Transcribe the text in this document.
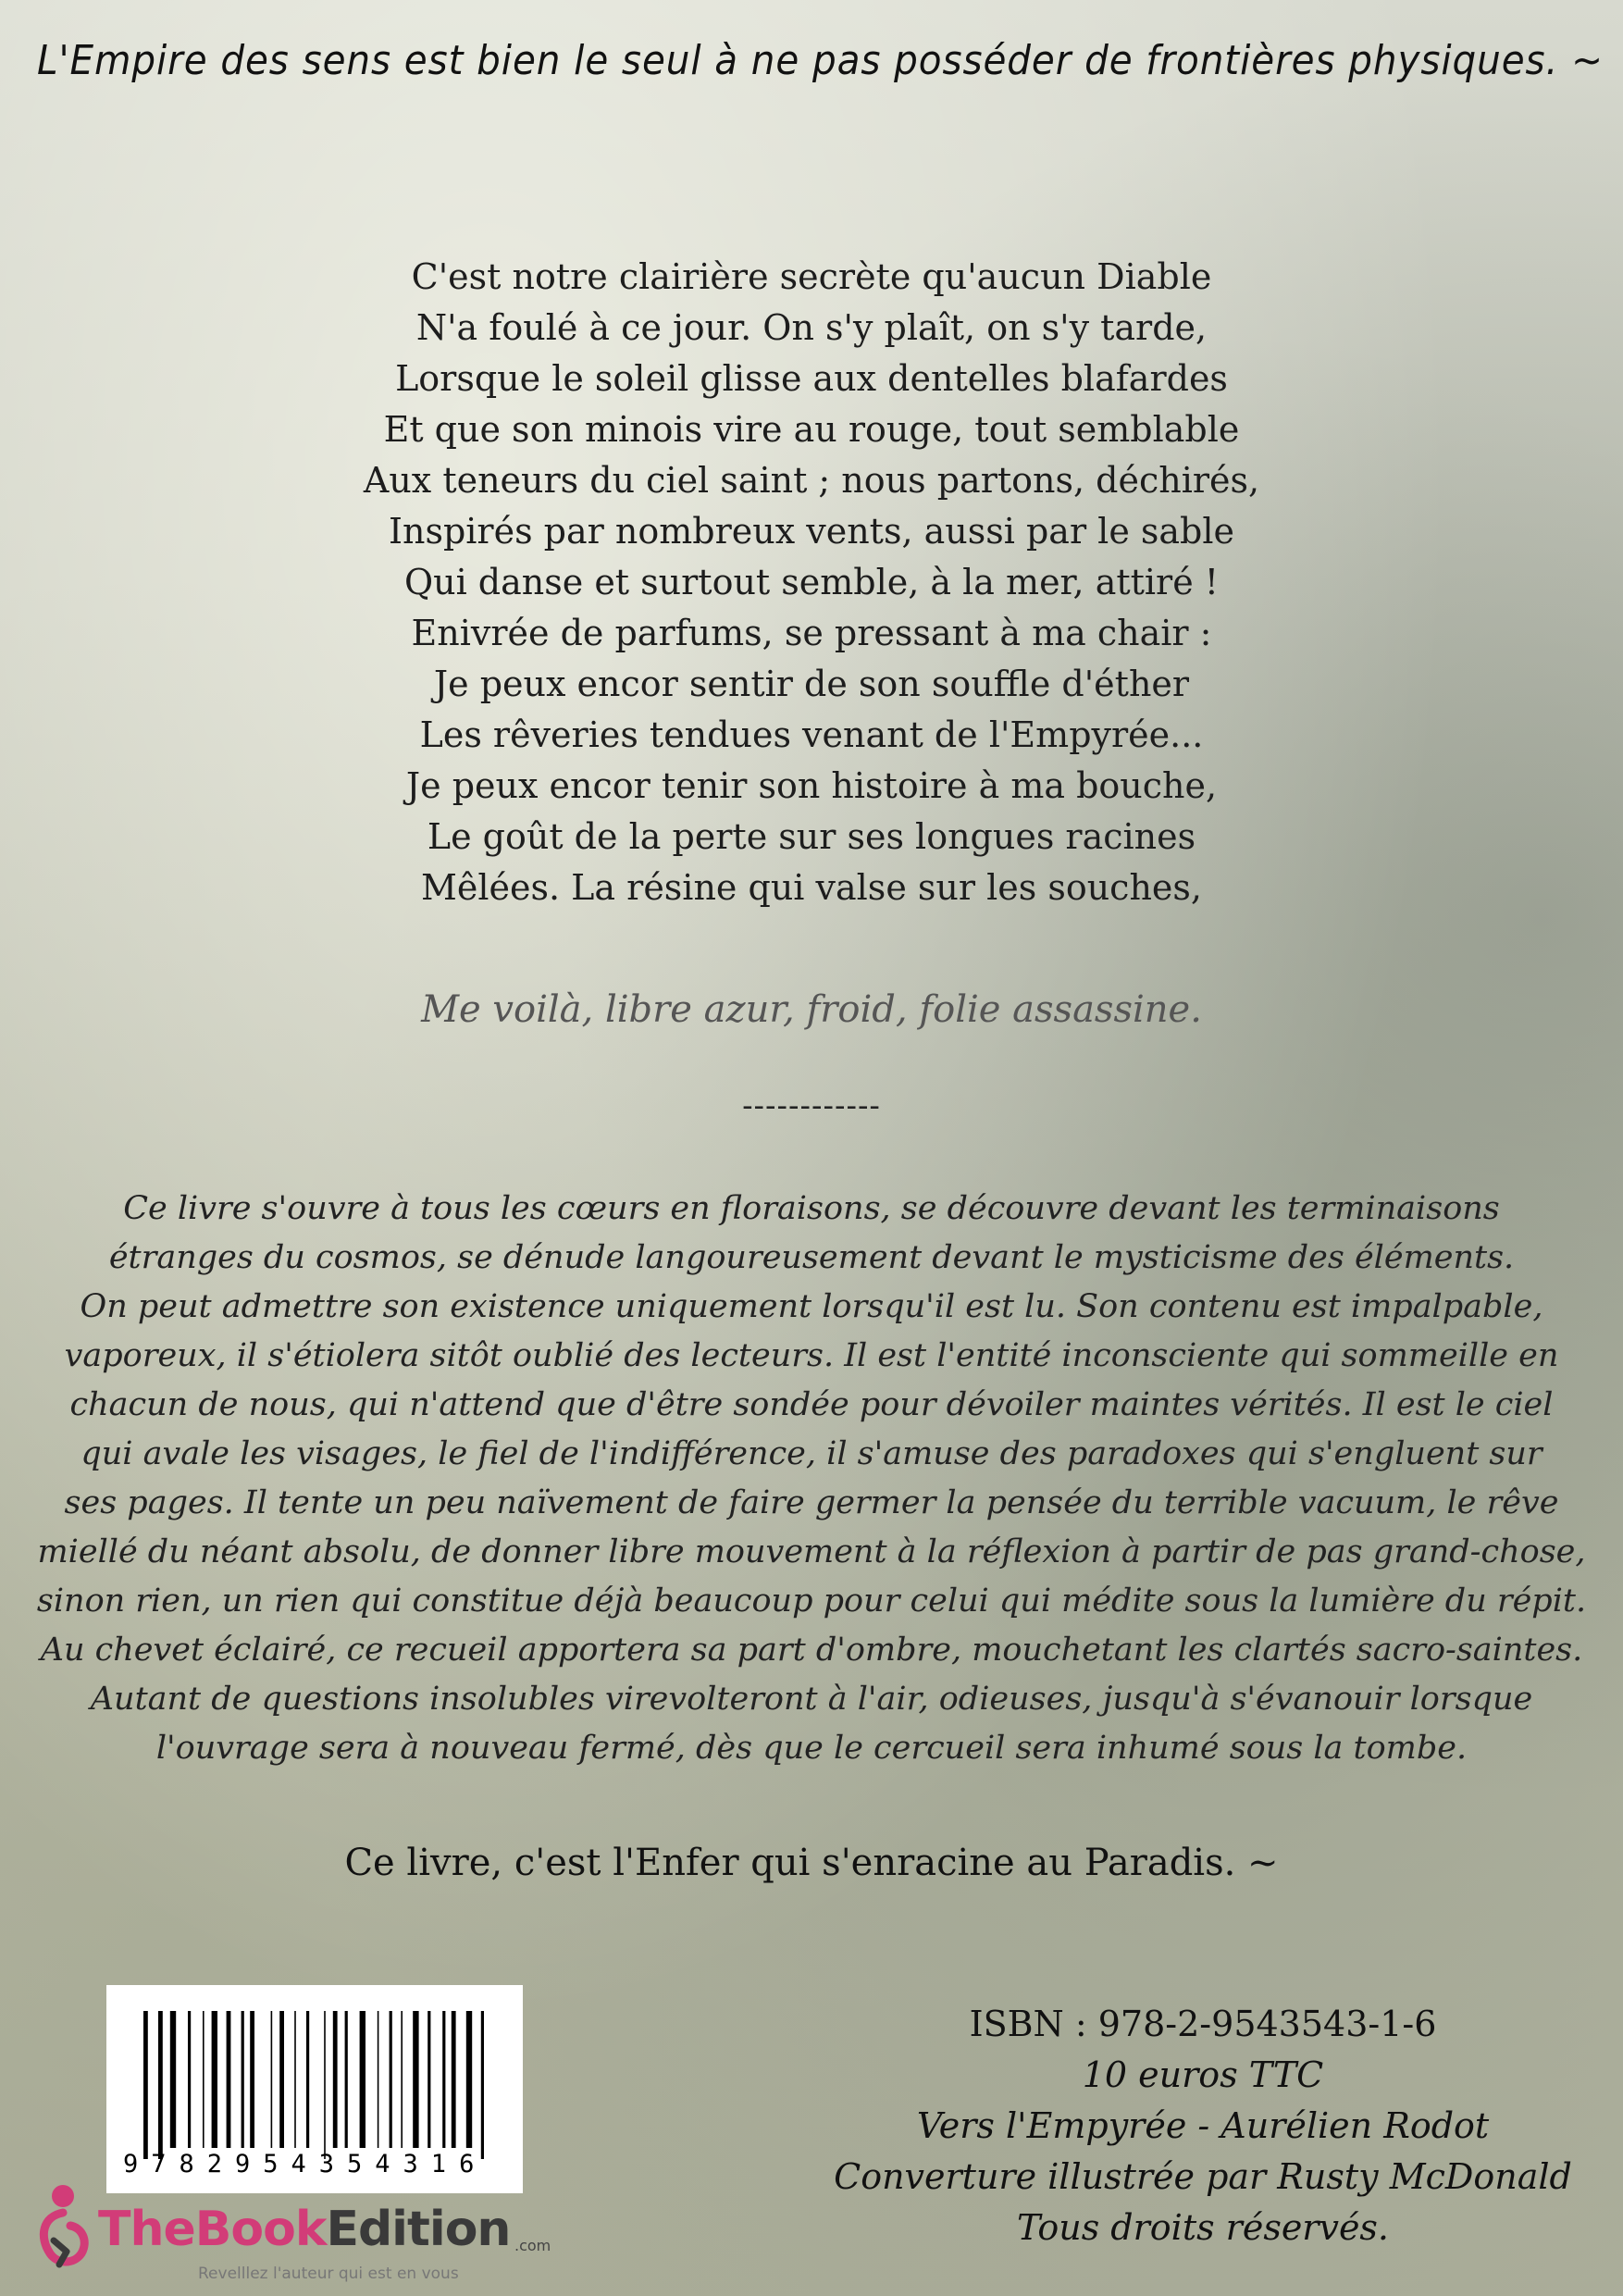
L'Empire des sens est bien le seul à ne pas posséder de frontières physiques. ~
C'est notre clairière secrète qu'aucun Diable
N'a foulé à ce jour. On s'y plaît, on s'y tarde,
Lorsque le soleil glisse aux dentelles blafardes
Et que son minois vire au rouge, tout semblable
Aux teneurs du ciel saint ; nous partons, déchirés,
Inspirés par nombreux vents, aussi par le sable
Qui danse et surtout semble, à la mer, attiré !
Enivrée de parfums, se pressant à ma chair :
Je peux encor sentir de son souffle d'éther
Les rêveries tendues venant de l'Empyrée...
Je peux encor tenir son histoire à ma bouche,
Le goût de la perte sur ses longues racines
Mêlées. La résine qui valse sur les souches,
Me voilà, libre azur, froid, folie assassine.
------------
Ce livre s'ouvre à tous les cœurs en floraisons, se découvre devant les terminaisons
étranges du cosmos, se dénude langoureusement devant le mysticisme des éléments.
On peut admettre son existence uniquement lorsqu'il est lu. Son contenu est impalpable,
vaporeux, il s'étiolera sitôt oublié des lecteurs. Il est l'entité inconsciente qui sommeille en
chacun de nous, qui n'attend que d'être sondée pour dévoiler maintes vérités. Il est le ciel
qui avale les visages, le fiel de l'indifférence, il s'amuse des paradoxes qui s'engluent sur
ses pages. Il tente un peu naïvement de faire germer la pensée du terrible vacuum, le rêve
miellé du néant absolu, de donner libre mouvement à la réflexion à partir de pas grand-chose,
sinon rien, un rien qui constitue déjà beaucoup pour celui qui médite sous la lumière du répit.
Au chevet éclairé, ce recueil apportera sa part d'ombre, mouchetant les clartés sacro-saintes.
Autant de questions insolubles virevolteront à l'air, odieuses, jusqu'à s'évanouir lorsque
l'ouvrage sera à nouveau fermé, dès que le cercueil sera inhumé sous la tombe.
Ce livre, c'est l'Enfer qui s'enracine au Paradis. ~
9782954354316
TheBookEdition .com
Revelllez l'auteur qui est en vous
ISBN : 978-2-9543543-1-6
10 euros TTC
Vers l'Empyrée - Aurélien Rodot
Converture illustrée par Rusty McDonald
Tous droits réservés.
